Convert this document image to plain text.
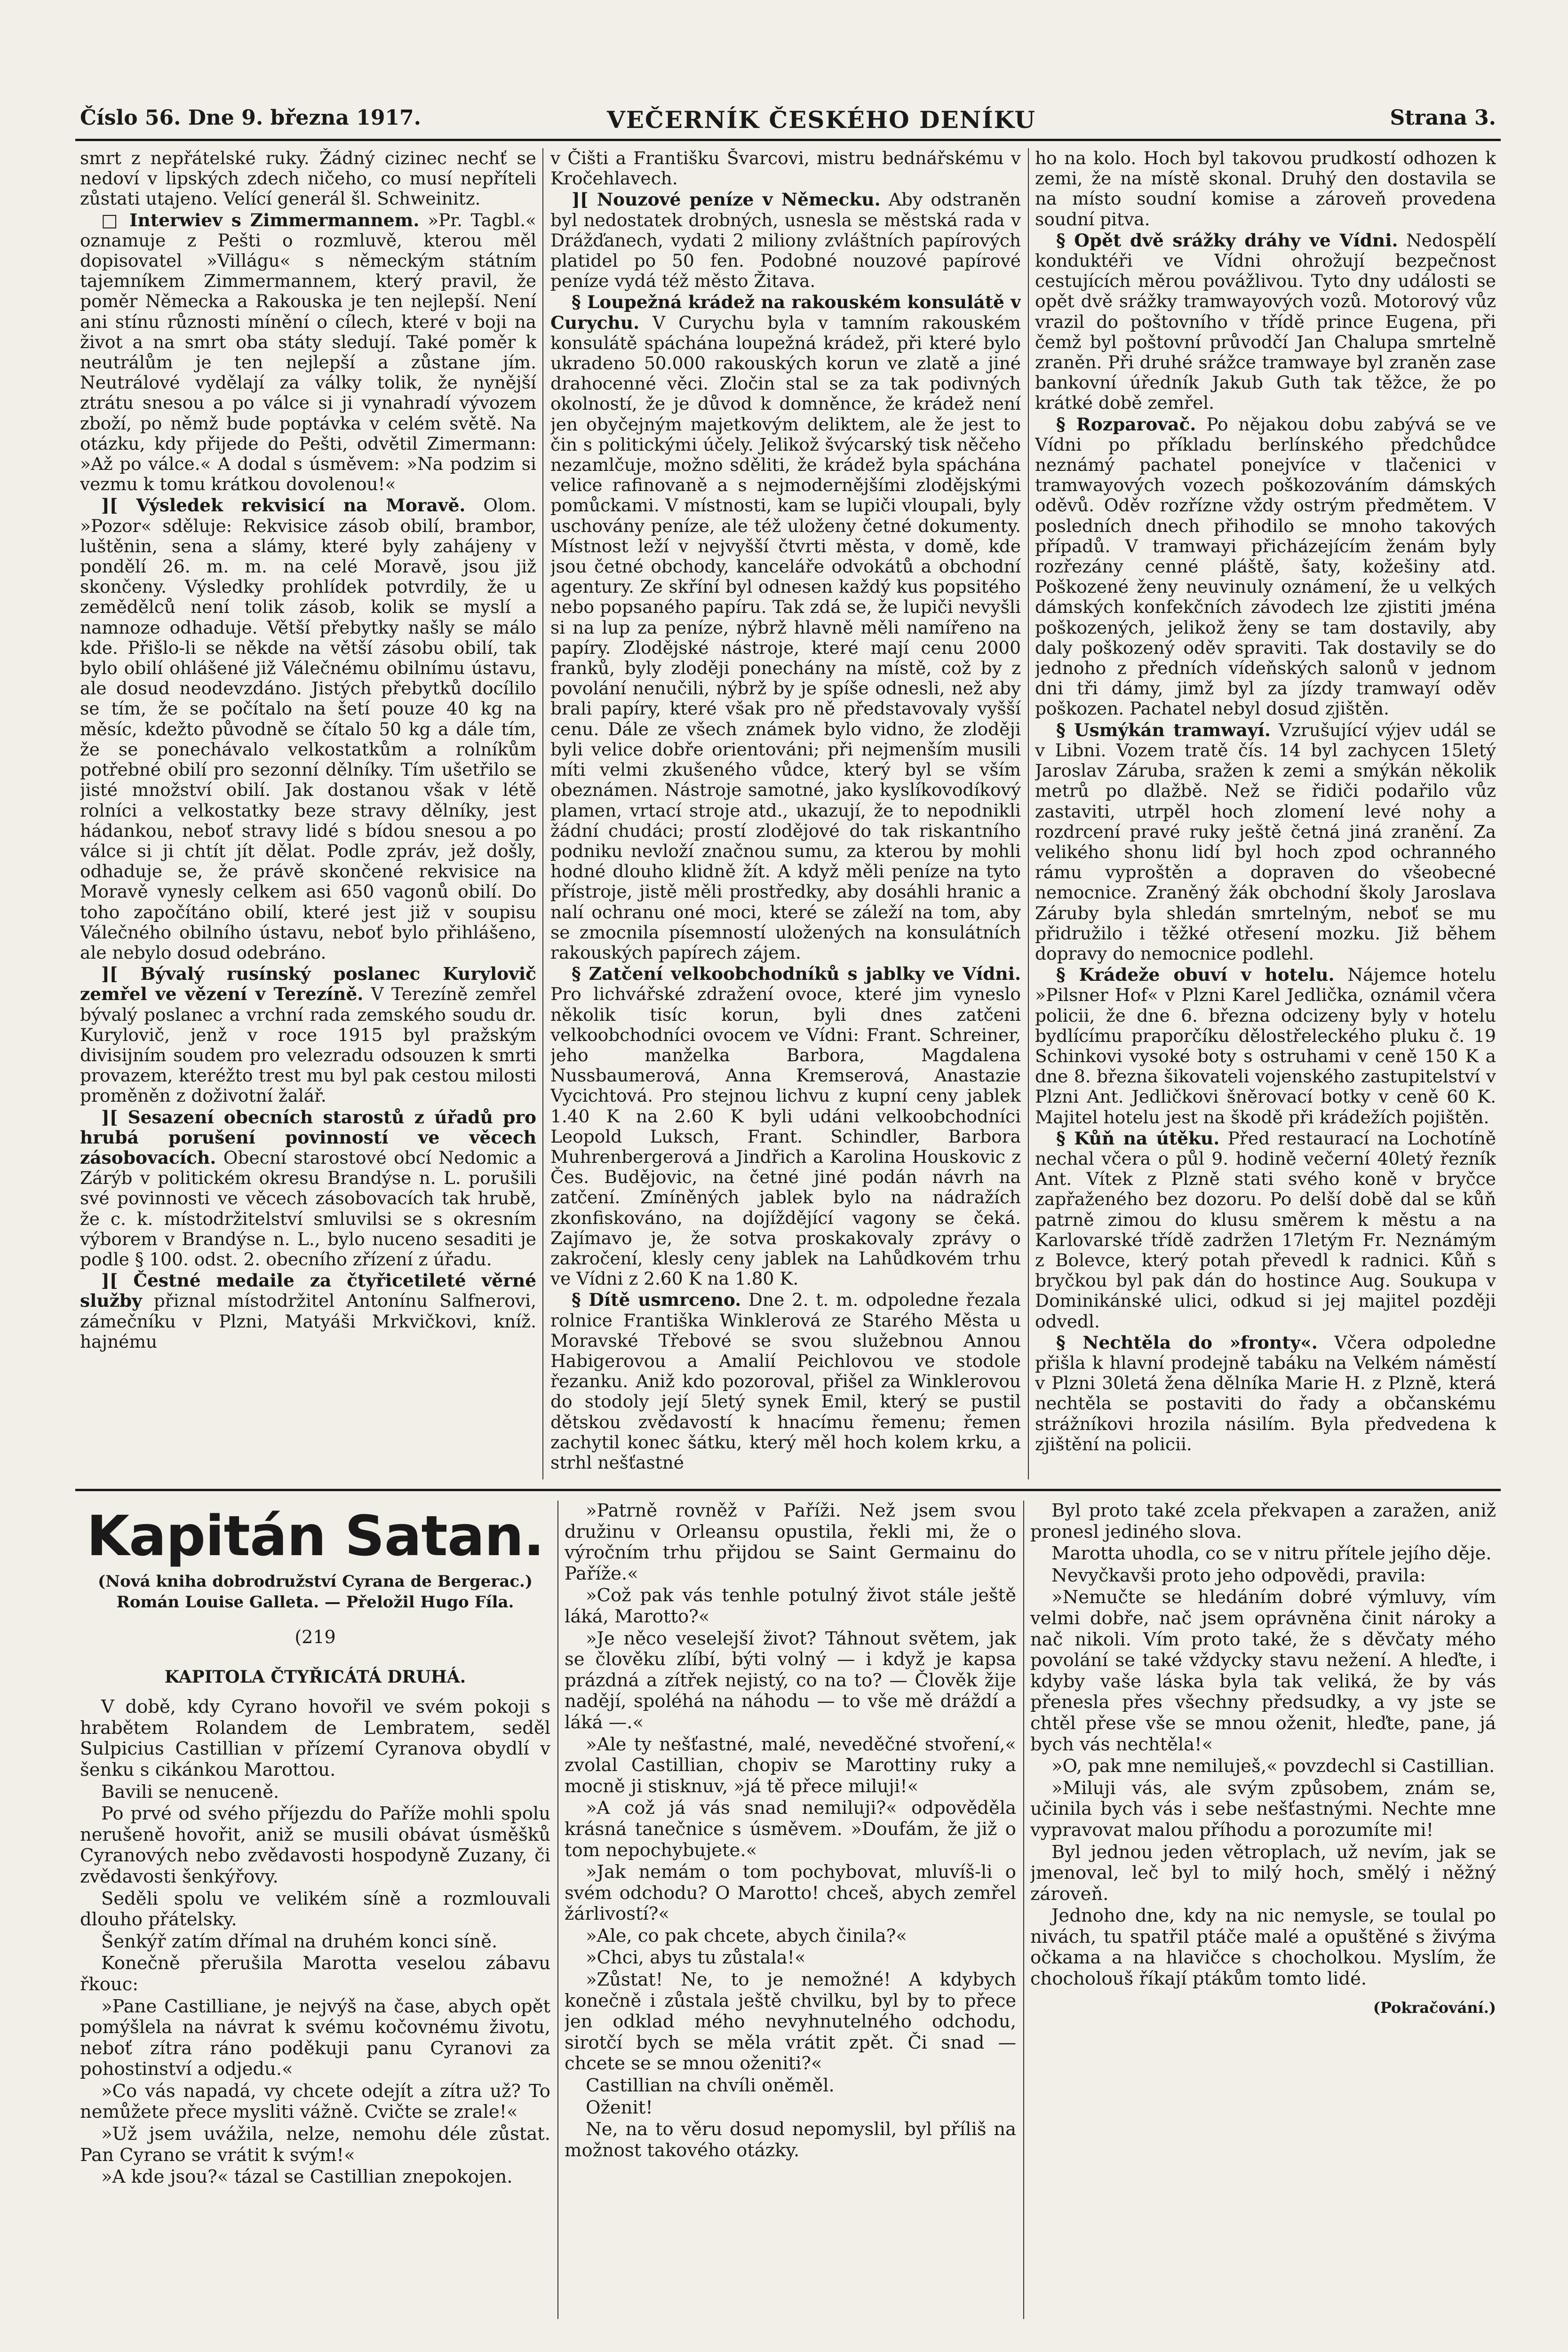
Číslo 56. Dne 9. března 1917.	VEČERNÍK ČESKÉHO DENÍKU	Strana 3.

smrt z nepřátelské ruky. Žádný cizinec nechť se nedoví v lipských zdech ničeho, co musí nepříteli zůstati utajeno. Velící generál šl. Schweinitz.

□ Interwiev s Zimmermannem. »Pr. Tagbl.« oznamuje z Pešti o rozmluvě, kterou měl dopisovatel »Villágu« s německým státním tajemníkem Zimmermannem, který pravil, že poměr Německa a Rakouska je ten nejlepší. Není ani stínu různosti mínění o cílech, které v boji na život a na smrt oba státy sledují. Také poměr k neutrálům je ten nejlepší a zůstane jím. Neutrálové vydělají za války tolik, že nynější ztrátu snesou a po válce si ji vynahradí vývozem zboží, po němž bude poptávka v celém světě. Na otázku, kdy přijede do Pešti, odvětil Zimermann: »Až po válce.« A dodal s úsměvem: »Na podzim si vezmu k tomu krátkou dovolenou!«

][ Výsledek rekvisicí na Moravě. Olom. »Pozor« sděluje: Rekvisice zásob obilí, brambor, luštěnin, sena a slámy, které byly zahájeny v pondělí 26. m. m. na celé Moravě, jsou již skončeny. Výsledky prohlídek potvrdily, že u zemědělců není tolik zásob, kolik se myslí a namnoze odhaduje. Větší přebytky našly se málo kde. Přišlo-li se někde na větší zásobu obilí, tak bylo obilí ohlášené již Válečnému obilnímu ústavu, ale dosud neodevzdáno. Jistých přebytků docílilo se tím, že se počítalo na šetí pouze 40 kg na měsíc, kdežto původně se čítalo 50 kg a dále tím, že se ponechávalo velkostatkům a rolníkům potřebné obilí pro sezonní dělníky. Tím ušetřilo se jisté množství obilí. Jak dostanou však v létě rolníci a velkostatky beze stravy dělníky, jest hádankou, neboť stravy lidé s bídou snesou a po válce si ji chtít jít dělat. Podle zpráv, jež došly, odhaduje se, že právě skončené rekvisice na Moravě vynesly celkem asi 650 vagonů obilí. Do toho započítáno obilí, které jest již v soupisu Válečného obilního ústavu, neboť bylo přihlášeno, ale nebylo dosud odebráno.

][ Bývalý rusínský poslanec Kurylovič zemřel ve vězení v Terezíně. V Terezíně zemřel bývalý poslanec a vrchní rada zemského soudu dr. Kurylovič, jenž v roce 1915 byl pražským divisijním soudem pro velezradu odsouzen k smrti provazem, kteréžto trest mu byl pak cestou milosti proměněn z doživotní žalář.

][ Sesazení obecních starostů z úřadů pro hrubá porušení povinností ve věcech zásobovacích. Obecní starostové obcí Nedomic a Zárýb v politickém okresu Brandýse n. L. porušili své povinnosti ve věcech zásobovacích tak hrubě, že c. k. místodržitelství smluvilsi se s okresním výborem v Brandýse n. L., bylo nuceno sesaditi je podle § 100. odst. 2. obecního zřízení z úřadu.

][ Čestné medaile za čtyřicetileté věrné služby přiznal místodržitel Antonínu Salfnerovi, zámečníku v Plzni, Matyáši Mrkvičkovi, kníž. hajnému

v Čišti a Františku Švarcovi, mistru bednářskému v Kročehlavech.

][ Nouzové peníze v Německu. Aby odstraněn byl nedostatek drobných, usnesla se městská rada v Drážďanech, vydati 2 miliony zvláštních papírových platidel po 50 fen. Podobné nouzové papírové peníze vydá též město Žitava.

§ Loupežná krádež na rakouském konsulátě v Curychu. V Curychu byla v tamním rakouském konsulátě spáchána loupežná krádež, při které bylo ukradeno 50.000 rakouských korun ve zlatě a jiné drahocenné věci. Zločin stal se za tak podivných okolností, že je důvod k domněnce, že krádež není jen obyčejným majetkovým deliktem, ale že jest to čin s politickými účely. Jelikož švýcarský tisk něčeho nezamlčuje, možno sděliti, že krádež byla spáchána velice rafinovaně a s nejmodernějšími zlodějskými pomůckami. V místnosti, kam se lupiči vloupali, byly uschovány peníze, ale též uloženy četné dokumenty. Místnost leží v nejvyšší čtvrti města, v domě, kde jsou četné obchody, kanceláře odvokátů a obchodní agentury. Ze skříní byl odnesen každý kus popsitého nebo popsaného papíru. Tak zdá se, že lupiči nevyšli si na lup za peníze, nýbrž hlavně měli namířeno na papíry. Zlodějské nástroje, které mají cenu 2000 franků, byly zloději ponechány na místě, což by z povolání nenučili, nýbrž by je spíše odnesli, než aby brali papíry, které však pro ně představovaly vyšší cenu. Dále ze všech známek bylo vidno, že zloději byli velice dobře orientováni; při nejmenším musili míti velmi zkušeného vůdce, který byl se vším obeznámen. Nástroje samotné, jako kyslíkovodíkový plamen, vrtací stroje atd., ukazují, že to nepodnikli žádní chudáci; prostí zlodějové do tak riskantního podniku nevloží značnou sumu, za kterou by mohli hodné dlouho klidně žít. A když měli peníze na tyto přístroje, jistě měli prostředky, aby dosáhli hranic a nalí ochranu oné moci, které se záleží na tom, aby se zmocnila písemností uložených na konsulátních rakouských papírech zájem.

§ Zatčení velkoobchodníků s jablky ve Vídni. Pro lichvářské zdražení ovoce, které jim vyneslo několik tisíc korun, byli dnes zatčeni velkoobchodníci ovocem ve Vídni: Frant. Schreiner, jeho manželka Barbora, Magdalena Nussbaumerová, Anna Kremserová, Anastazie Vycichtová. Pro stejnou lichvu z kupní ceny jablek 1.40 K na 2.60 K byli udáni velkoobchodníci Leopold Luksch, Frant. Schindler, Barbora Muhrenbergerová a Jindřich a Karolina Houskovic z Čes. Budějovic, na četné jiné podán návrh na zatčení. Zmíněných jablek bylo na nádražích zkonfiskováno, na dojíždějící vagony se čeká. Zajímavo je, že sotva proskakovaly zprávy o zakročení, klesly ceny jablek na Lahůdkovém trhu ve Vídni z 2.60 K na 1.80 K.

§ Dítě usmrceno. Dne 2. t. m. odpoledne řezala rolnice Františka Winklerová ze Starého Města u Moravské Třebové se svou služebnou Annou Habigerovou a Amalií Peichlovou ve stodole řezanku. Aniž kdo pozoroval, přišel za Winklerovou do stodoly její 5letý synek Emil, který se pustil dětskou zvědavostí k hnacímu řemenu; řemen zachytil konec šátku, který měl hoch kolem krku, a strhl nešťastné

ho na kolo. Hoch byl takovou prudkostí odhozen k zemi, že na místě skonal. Druhý den dostavila se na místo soudní komise a zároveň provedena soudní pitva.

§ Opět dvě srážky dráhy ve Vídni. Nedospělí konduktéři ve Vídni ohrožují bezpečnost cestujících měrou povážlivou. Tyto dny události se opět dvě srážky tramwayových vozů. Motorový vůz vrazil do poštovního v třídě prince Eugena, při čemž byl poštovní průvodčí Jan Chalupa smrtelně zraněn. Při druhé srážce tramwaye byl zraněn zase bankovní úředník Jakub Guth tak těžce, že po krátké době zemřel.

§ Rozparovač. Po nějakou dobu zabývá se ve Vídni po příkladu berlínského předchůdce neznámý pachatel ponejvíce v tlačenici v tramwayových vozech poškozováním dámských oděvů. Oděv rozřízne vždy ostrým předmětem. V posledních dnech přihodilo se mnoho takových případů. V tramwayi přicházejícím ženám byly rozřezány cenné pláště, šaty, kožešiny atd. Poškozené ženy neuvinuly oznámení, že u velkých dámských konfekčních závodech lze zjistiti jména poškozených, jelikož ženy se tam dostavily, aby daly poškozený oděv spraviti. Tak dostavily se do jednoho z předních vídeňských salonů v jednom dni tři dámy, jimž byl za jízdy tramwayí oděv poškozen. Pachatel nebyl dosud zjištěn.

§ Usmýkán tramwayí. Vzrušující výjev udál se v Libni. Vozem tratě čís. 14 byl zachycen 15letý Jaroslav Záruba, sražen k zemi a smýkán několik metrů po dlažbě. Než se řidiči podařilo vůz zastaviti, utrpěl hoch zlomení levé nohy a rozdrcení pravé ruky ještě četná jiná zranění. Za velikého shonu lidí byl hoch zpod ochranného rámu vyproštěn a dopraven do všeobecné nemocnice. Zraněný žák obchodní školy Jaroslava Záruby byla shledán smrtelným, neboť se mu přidružilo i těžké otřesení mozku. Již během dopravy do nemocnice podlehl.

§ Krádeže obuví v hotelu. Nájemce hotelu »Pilsner Hof« v Plzni Karel Jedlička, oznámil včera policii, že dne 6. března odcizeny byly v hotelu bydlícímu praporčíku dělostřeleckého pluku č. 19 Schinkovi vysoké boty s ostruhami v ceně 150 K a dne 8. března šikovateli vojenského zastupitelství v Plzni Ant. Jedličkovi šněrovací botky v ceně 60 K. Majitel hotelu jest na škodě při krádežích pojištěn.

§ Kůň na útěku. Před restaurací na Lochotíně nechal včera o půl 9. hodině večerní 40letý řezník Ant. Vítek z Plzně stati svého koně v bryčce zapřaženého bez dozoru. Po delší době dal se kůň patrně zimou do klusu směrem k městu a na Karlovarské třídě zadržen 17letým Fr. Neznámým z Bolevce, který potah převedl k radnici. Kůň s bryčkou byl pak dán do hostince Aug. Soukupa v Dominikánské ulici, odkud si jej majitel později odvedl.

§ Nechtěla do »fronty«. Včera odpoledne přišla k hlavní prodejně tabáku na Velkém náměstí v Plzni 30letá žena dělníka Marie H. z Plzně, která nechtěla se postaviti do řady a občanskému strážníkovi hrozila násilím. Byla předvedena k zjištění na policii.

Kapitán Satan.
(Nová kniha dobrodružství Cyrana de Bergerac.)
Román Louise Galleta. — Přeložil Hugo Fíla.
(219
KAPITOLA ČTYŘICÁTÁ DRUHÁ.

V době, kdy Cyrano hovořil ve svém pokoji s hrabětem Rolandem de Lembratem, seděl Sulpicius Castillian v přízemí Cyranova obydlí v šenku s cikánkou Marottou.

Bavili se nenuceně.

Po prvé od svého příjezdu do Paříže mohli spolu nerušeně hovořit, aniž se musili obávat úsměšků Cyranových nebo zvědavosti hospodyně Zuzany, či zvědavosti šenkýřovy.

Seděli spolu ve velikém síně a rozmlouvali dlouho přátelsky.

Šenkýř zatím dřímal na druhém konci síně.

Konečně přerušila Marotta veselou zábavu řkouc:

»Pane Castilliane, je nejvýš na čase, abych opět pomýšlela na návrat k svému kočovnému životu, neboť zítra ráno poděkuji panu Cyranovi za pohostinství a odjedu.«

»Co vás napadá, vy chcete odejít a zítra už? To nemůžete přece mysliti vážně. Cvičte se zrale!«

»Už jsem uvážila, nelze, nemohu déle zůstat. Pan Cyrano se vrátit k svým!«

»A kde jsou?« tázal se Castillian znepokojen.

»Patrně rovněž v Paříži. Než jsem svou družinu v Orleansu opustila, řekli mi, že o výročním trhu přijdou se Saint Germainu do Paříže.«

»Což pak vás tenhle potulný život stále ještě láká, Marotto?«

»Je něco veselejší život? Táhnout světem, jak se člověku zlíbí, býti volný — i když je kapsa prázdná a zítřek nejistý, co na to? — Člověk žije nadějí, spoléhá na náhodu — to vše mě dráždí a láká —.«

»Ale ty nešťastné, malé, neveděčné stvoření,« zvolal Castillian, chopiv se Marottiny ruky a mocně ji stisknuv, »já tě přece miluji!«

»A což já vás snad nemiluji?« odpověděla krásná tanečnice s úsměvem. »Doufám, že již o tom nepochybujete.«

»Jak nemám o tom pochybovat, mluvíš-li o svém odchodu? O Marotto! chceš, abych zemřel žárlivostí?«

»Ale, co pak chcete, abych činila?«

»Chci, abys tu zůstala!«

»Zůstat! Ne, to je nemožné! A kdybych konečně i zůstala ještě chvilku, byl by to přece jen odklad mého nevyhnutelného odchodu, sirotčí bych se měla vrátit zpět. Či snad — chcete se se mnou oženiti?«

Castillian na chvíli oněměl.

Oženit!

Ne, na to věru dosud nepomyslil, byl příliš na možnost takového otázky.

Byl proto také zcela překvapen a zaražen, aniž pronesl jediného slova.

Marotta uhodla, co se v nitru přítele jejího děje.

Nevyčkavši proto jeho odpovědi, pravila:

»Nemučte se hledáním dobré výmluvy, vím velmi dobře, nač jsem oprávněna činit nároky a nač nikoli. Vím proto také, že s děvčaty mého povolání se také vždycky stavu nežení. A hleďte, i kdyby vaše láska byla tak veliká, že by vás přenesla přes všechny předsudky, a vy jste se chtěl přese vše se mnou oženit, hleďte, pane, já bych vás nechtěla!«

»O, pak mne nemiluješ,« povzdechl si Castillian.

»Miluji vás, ale svým způsobem, znám se, učinila bych vás i sebe nešťastnými. Nechte mne vypravovat malou příhodu a porozumíte mi!

Byl jednou jeden větroplach, už nevím, jak se jmenoval, leč byl to milý hoch, smělý i něžný zároveň.

Jednoho dne, kdy na nic nemysle, se toulal po nivách, tu spatřil ptáče malé a opuštěné s živýma očkama a na hlavičce s chocholkou. Myslím, že chocholouš říkají ptákům tomto lidé.

(Pokračování.)
